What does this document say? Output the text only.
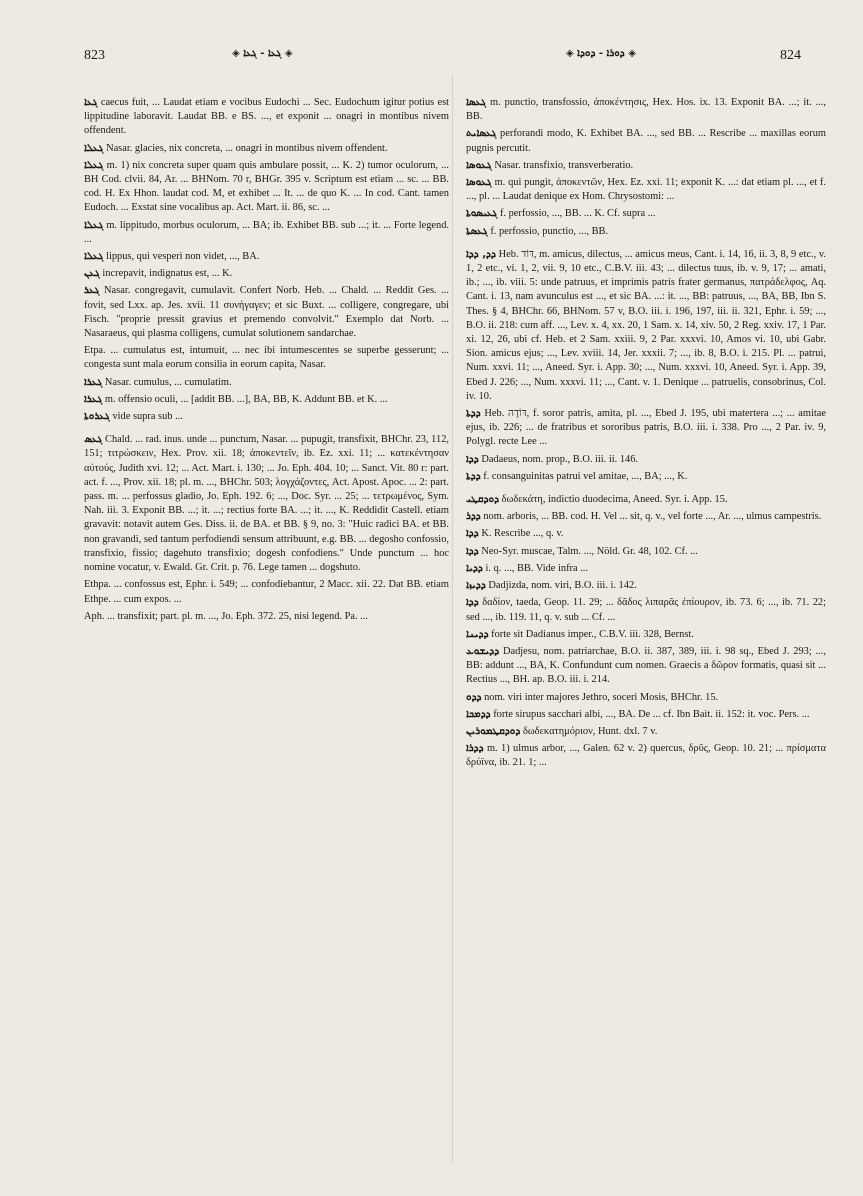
823	◈ ܓܥܐ - ܓܥܐ ◈	◈ ܕܘܪܐ - ܕܘܕܐ ◈	824

ܓܥܐ caecus fuit, ... Laudat etiam e vocibus Eudochi ... Sec. Eudochum igitur potius est lippitudine laboravit. Laudat BB. e BS. ..., et exponit ... onagri in montibus nivem offendent.

ܓܥܠܐ Nasar. glacies, nix concreta, ... onagri in montibus nivem offendent.

ܓܥܠܐ m. 1) nix concreta super quam quis ambulare possit, ... K. 2) tumor oculorum, ... BH Cod. clvii. 84, Ar. ... BHNom. 70 r, BHGr. 395 v. Scriptum est etiam ... sc. ... BB. cod. H. Ex Hhon. laudat cod. M, et exhibet ... It. ... de quo K. ... In cod. Cant. tamen Eudoch. ... Exstat sine vocalibus ap. Act. Mart. ii. 86, sc. ...

ܓܥܠܐ m. lippitudo, morbus oculorum, ... BA; ib. Exhibet BB. sub ...; it. ... Forte legend. ...

ܓܥܠܐ lippus, qui vesperi non videt, ..., BA.

ܓܥܢ increpavit, indignatus est, ... K.

ܓܥܪ Nasar. congregavit, cumulavit. Confert Norb. Heb. ... Chald. ... Reddit Ges. ... fovit, sed Lxx. ap. Jes. xvii. 11 συνήγαγεν; et sic Buxt. ... colligere, congregare, ubi Fisch. "proprie pressit gravius et premendo convolvit." Exemplo dat Norb. ... Nasaraeus, qui plasma colligens, cumulat solutionem sandarchae.

Etpa. ... cumulatus est, intumuit, ... nec ibi intumescentes se superbe gesserunt; ... congesta sunt mala eorum consilia in eorum capita, Nasar.

ܓܥܪܐ Nasar. cumulus, ... cumulatim.

ܓܥܪܐ m. offensio oculi, ... [addit BB. ...], BA, BB, K. Addunt BB. et K. ...

ܓܥܪܘܬܐ vide supra sub ...

ܓܥܣ Chald. ... rad. inus. unde ... punctum, Nasar. ... pupugit, transfixit, BHChr. 23, 112, 151; τιτρώσκειν, Hex. Prov. xii. 18; ἀποκεντεῖν, ib. Ez. xxi. 11; ... κατεκέντησαν αὐτούς, Judith xvi. 12; ... Act. Mart. i. 130; ... Jo. Eph. 404. 10; ... Sanct. Vit. 80 r: part. act. f. ..., Prov. xii. 18; pl. m. ..., BHChr. 503; λογχάζοντες, Act. Apost. Apoc. ... 2: part. pass. m. ... perfossus gladio, Jo. Eph. 192. 6; ..., Doc. Syr. ... 25; ... τετρωμένος, Sym. Nah. iii. 3. Exponit BB. ...; it. ...; rectius forte BA. ...; it. ..., K. Reddidit Castell. etiam gravavit: notavit autem Ges. Diss. ii. de BA. et BB. § 9, no. 3: "Huic radici BA. et BB. non gravandi, sed tantum perfodiendi sensum attribuunt, e.g. BB. ... degosho confossio, transfixio, fissio; dagehuto transfixio; dogesh confodiens." Unde punctum ... hoc nomine vocatur, v. Ewald. Gr. Crit. p. 76. Lege tamen ... dogshuto.

Ethpa. ... confossus est, Ephr. i. 549; ... confodiebantur, 2 Macc. xii. 22. Dat BB. etiam Ethpe. ... cum expos. ...

Aph. ... transfixit; part. pl. m. ..., Jo. Eph. 372. 25, nisi legend. Pa. ...

ܓܥܣܐ m. punctio, transfossio, ἀποκέντησις, Hex. Hos. ix. 13. Exponit BA. ...; it. ..., BB.

ܓܥܣܐܝܬ perforandi modo, K. Exhibet BA. ..., sed BB. ... Rescribe ... maxillas eorum pugnis percutit.

ܓܥܘܣܐ Nasar. transfixio, transverberatio.

ܓܥܘܣܐ m. qui pungit, ἀποκεντῶν, Hex. Ez. xxi. 11; exponit K. ...: dat etiam pl. ..., et f. ..., pl. ... Laudat denique ex Hom. Chrysostomi: ...

ܓܥܝܣܘܬܐ f. perfossio, ..., BB. ... K. Cf. supra ...

ܓܥܣܬܐ f. perfossio, punctio, ..., BB.

ܕܕ, ܕܕܐ Heb. דּוֹד, m. amicus, dilectus, ... amicus meus, Cant. i. 14, 16, ii. 3, 8, 9 etc., v. 1, 2 etc., vi. 1, 2, vii. 9, 10 etc., C.B.V. iii. 43; ... dilectus tuus, ib. v. 9, 17; ... amati, ib.; ..., ib. viii. 5: unde patruus, et imprimis patris frater germanus, πατράδελφος, Aq. Cant. i. 13, nam avunculus est ..., et sic BA. ...: it. ..., BB: patruus, ..., BA, BB, Ibn S. Thes. § 4, BHChr. 66, BHNom. 57 v, B.O. iii. i. 196, 197, iii. ii. 321, Ephr. i. 59; ..., B.O. ii. 218: cum aff. ..., Lev. x. 4, xx. 20, 1 Sam. x. 14, xiv. 50, 2 Reg. xxiv. 17, 1 Par. xi. 12, 26, ubi cf. Heb. et 2 Sam. xxiii. 9, 2 Par. xxxvi. 10, Amos vi. 10, ubi Gabr. Sion. amicus ejus; ..., Lev. xviii. 14, Jer. xxxii. 7; ..., ib. 8, B.O. i. 215. Pl. ... patrui, Num. xxvi. 11; ..., Aneed. Syr. i. App. 30; ..., Num. xxxvi. 10, Aneed. Syr. i. App. 39, Ebed J. 226; ..., Num. xxxvi. 11; ..., Cant. v. 1. Denique ... patruelis, consobrinus, Col. iv. 10.

ܕܕܬܐ Heb. דּוֹדָה, f. soror patris, amita, pl. ..., Ebed J. 195, ubi matertera ...; ... amitae ejus, ib. 226; ... de fratribus et sororibus patris, B.O. iii. i. 338. Pro ..., 2 Par. iv. 9, Polygl. recte Lee ...

ܕܕܐ Dadaeus, nom. prop., B.O. iii. ii. 146.

ܕܕܬܐ f. consanguinitas patrui vel amitae, ..., BA; ..., K.

ܕܘܕܩܛܝ δωδεκάτη, indictio duodecima, Aneed. Syr. i. App. 15.

ܕܕܪ nom. arboris, ... BB. cod. H. Vel ... sit, q. v., vel forte ..., Ar. ..., ulmus campestris.

ܕܕܐ K. Rescribe ..., q. v.

ܕܕܐ Neo-Syr. muscae, Talm. ..., Nöld. Gr. 48, 102. Cf. ...

ܕܕܝܐ i. q. ..., BB. Vide infra ...

ܕܕܝܙܐ Dadjizda, nom. viri, B.O. iii. i. 142.

ܕܕܐ δαδίον, taeda, Geop. 11. 29; ... δᾶδος λιπαρᾶς ἐπίουρον, ib. 73. 6; ..., ib. 71. 22; sed ..., ib. 119. 11, q. v. sub ... Cf. ...

ܕܕܝܢܐ forte sit Dadianus imper., C.B.V. iii. 328, Bernst.

ܕܕܝܫܘܥ Dadjesu, nom. patriarchae, B.O. ii. 387, 389, iii. i. 98 sq., Ebed J. 293; ..., BB: addunt ..., BA, K. Confundunt cum nomen. Graecis a δῶρον formatis, quasi sit ... Rectius ..., BH. ap. B.O. iii. i. 214.

ܕܕܘ nom. viri inter majores Jethro, soceri Mosis, BHChr. 15.

ܕܕܡܟܐ forte sirupus sacchari albi, ..., BA. De ... cf. Ibn Bait. ii. 152: it. voc. Pers. ...

ܕܘܕܩܛܡܘܪܝܢ δωδεκατημόριον, Hunt. dxl. 7 v.

ܕܕܪܐ m. 1) ulmus arbor, ..., Galen. 62 v. 2) quercus, δρῦς, Geop. 10. 21; ... πρίσματα δρύϊνα, ib. 21. 1; ...
